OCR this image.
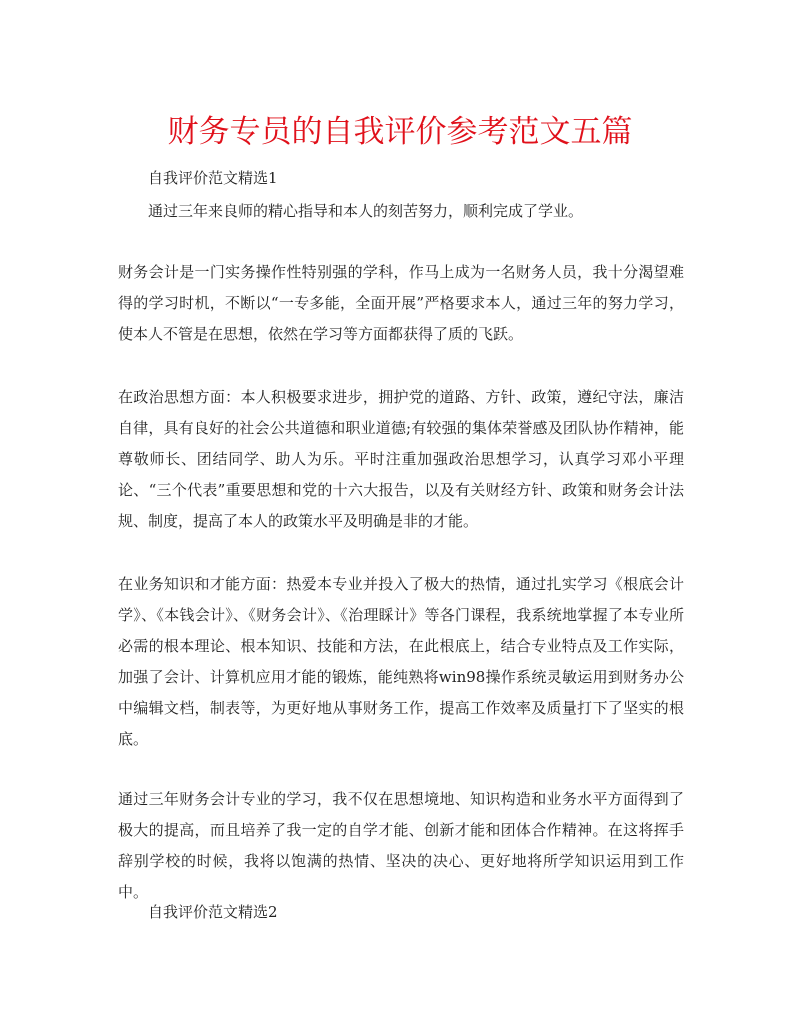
财务专员的自我评价参考范文五篇

自我评价范文精选1

通过三年来良师的精心指导和本人的刻苦努力，顺利完成了学业。

财务会计是一门实务操作性特别强的学科，作马上成为一名财务人员，我十分渴望难得的学习时机，不断以“一专多能，全面开展”严格要求本人，通过三年的努力学习，使本人不管是在思想，依然在学习等方面都获得了质的飞跃。

在政治思想方面：本人积极要求进步，拥护党的道路、方针、政策，遵纪守法，廉洁自律，具有良好的社会公共道德和职业道德;有较强的集体荣誉感及团队协作精神，能尊敬师长、团结同学、助人为乐。平时注重加强政治思想学习，认真学习邓小平理论、“三个代表”重要思想和党的十六大报告，以及有关财经方针、政策和财务会计法规、制度，提高了本人的政策水平及明确是非的才能。

在业务知识和才能方面：热爱本专业并投入了极大的热情，通过扎实学习《根底会计学》、《本钱会计》、《财务会计》、《治理睬计》等各门课程，我系统地掌握了本专业所必需的根本理论、根本知识、技能和方法，在此根底上，结合专业特点及工作实际，加强了会计、计算机应用才能的锻炼，能纯熟将win98操作系统灵敏运用到财务办公中编辑文档，制表等，为更好地从事财务工作，提高工作效率及质量打下了坚实的根底。

通过三年财务会计专业的学习，我不仅在思想境地、知识构造和业务水平方面得到了极大的提高，而且培养了我一定的自学才能、创新才能和团体合作精神。在这将挥手辞别学校的时候，我将以饱满的热情、坚决的决心、更好地将所学知识运用到工作中。

自我评价范文精选2
